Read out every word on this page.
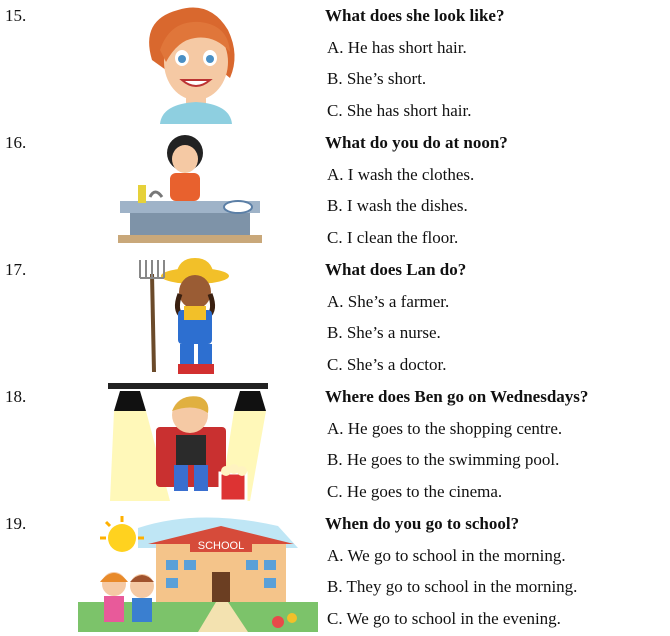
15.	What does she look like?
A. He has short hair.
B. She’s short.
C. She has short hair.
16.	What do you do at noon?
A. I wash the clothes.
B. I wash the dishes.
C. I clean the floor.
17.	What does Lan do?
A. She’s a farmer.
B. She’s a nurse.
C. She’s a doctor.
18.	Where does Ben go on Wednesdays?
A. He goes to the shopping centre.
B. He goes to the swimming pool.
C. He goes to the cinema.
19.
SCHOOL
When do you go to school?
A. We go to school in the morning.
B. They go to school in the morning.
C. We go to school in the evening.
